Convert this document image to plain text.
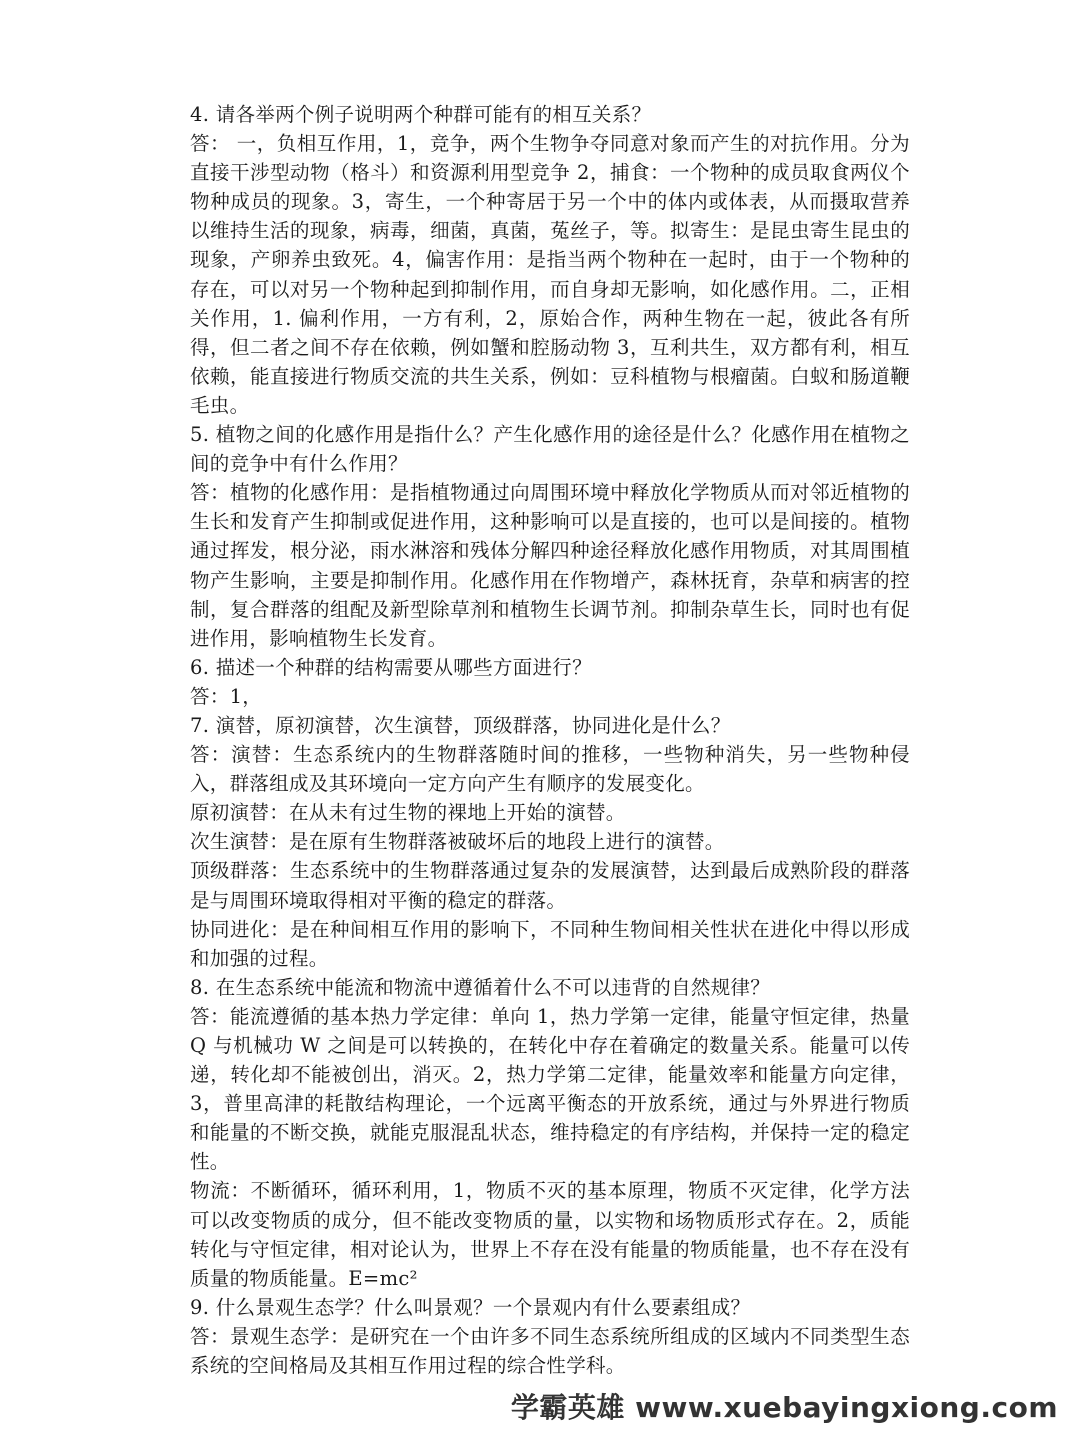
4. 请各举两个例子说明两个种群可能有的相互关系？

答： 一，负相互作用，1，竞争，两个生物争夺同意对象而产生的对抗作用。分为直接干涉型动物（格斗）和资源利用型竞争 2，捕食：一个物种的成员取食两仪个物种成员的现象。3，寄生，一个种寄居于另一个中的体内或体表，从而摄取营养以维持生活的现象，病毒，细菌，真菌，菟丝子，等。拟寄生：是昆虫寄生昆虫的现象，产卵养虫致死。4，偏害作用：是指当两个物种在一起时，由于一个物种的存在，可以对另一个物种起到抑制作用，而自身却无影响，如化感作用。二，正相关作用，1. 偏利作用，一方有利，2，原始合作，两种生物在一起，彼此各有所得，但二者之间不存在依赖，例如蟹和腔肠动物 3，互利共生，双方都有利，相互依赖，能直接进行物质交流的共生关系，例如：豆科植物与根瘤菌。白蚁和肠道鞭毛虫。

5. 植物之间的化感作用是指什么？产生化感作用的途径是什么？化感作用在植物之间的竞争中有什么作用？

答：植物的化感作用：是指植物通过向周围环境中释放化学物质从而对邻近植物的生长和发育产生抑制或促进作用，这种影响可以是直接的，也可以是间接的。植物通过挥发，根分泌，雨水淋溶和残体分解四种途径释放化感作用物质，对其周围植物产生影响，主要是抑制作用。化感作用在作物增产，森林抚育，杂草和病害的控制，复合群落的组配及新型除草剂和植物生长调节剂。抑制杂草生长，同时也有促进作用，影响植物生长发育。

6. 描述一个种群的结构需要从哪些方面进行？

答：1，

7. 演替，原初演替，次生演替，顶级群落，协同进化是什么？

答：演替：生态系统内的生物群落随时间的推移，一些物种消失，另一些物种侵入，群落组成及其环境向一定方向产生有顺序的发展变化。

原初演替：在从未有过生物的裸地上开始的演替。

次生演替：是在原有生物群落被破坏后的地段上进行的演替。

顶级群落：生态系统中的生物群落通过复杂的发展演替，达到最后成熟阶段的群落是与周围环境取得相对平衡的稳定的群落。

协同进化：是在种间相互作用的影响下，不同种生物间相关性状在进化中得以形成和加强的过程。

8. 在生态系统中能流和物流中遵循着什么不可以违背的自然规律？

答：能流遵循的基本热力学定律：单向 1，热力学第一定律，能量守恒定律，热量 Q 与机械功 W 之间是可以转换的，在转化中存在着确定的数量关系。能量可以传递，转化却不能被创出，消灭。2，热力学第二定律，能量效率和能量方向定律，3，普里高津的耗散结构理论，一个远离平衡态的开放系统，通过与外界进行物质和能量的不断交换，就能克服混乱状态，维持稳定的有序结构，并保持一定的稳定性。

物流：不断循环，循环利用，1，物质不灭的基本原理，物质不灭定律，化学方法可以改变物质的成分，但不能改变物质的量，以实物和场物质形式存在。2，质能转化与守恒定律，相对论认为，世界上不存在没有能量的物质能量，也不存在没有质量的物质能量。E=mc²

9. 什么景观生态学？什么叫景观？一个景观内有什么要素组成？

答：景观生态学：是研究在一个由许多不同生态系统所组成的区域内不同类型生态系统的空间格局及其相互作用过程的综合性学科。

学霸英雄 www.xuebayingxiong.com
